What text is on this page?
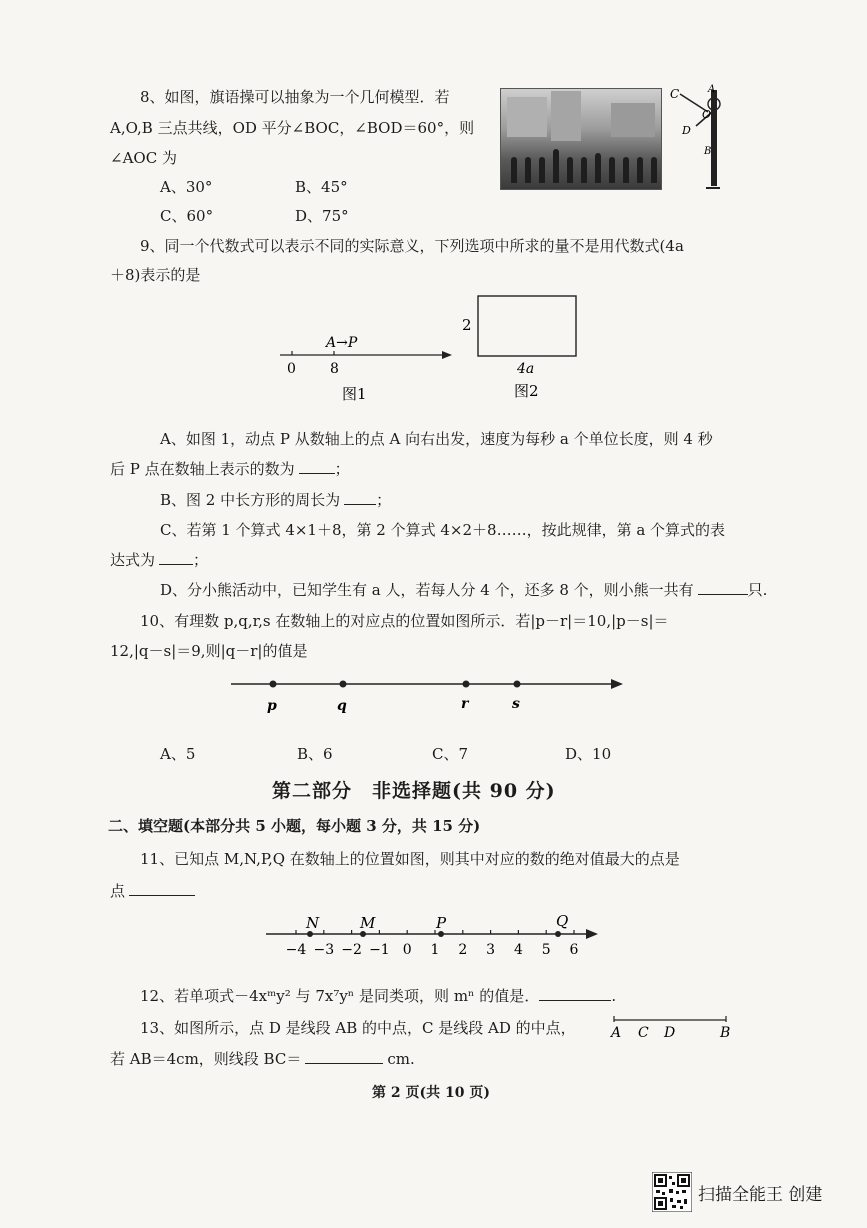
8、如图，旗语操可以抽象为一个几何模型．若
A,O,B 三点共线，OD 平分∠BOC，∠BOD＝60°，则
∠AOC 为
A、30°	B、45°
C、60°	D、75°
C	A
O
D
B
9、同一个代数式可以表示不同的实际意义，下列选项中所求的量不是用代数式(4a
＋8)表示的是
A→P
0 8
图1
2
4a
图2
A、如图 1，动点 P 从数轴上的点 A 向右出发，速度为每秒 a 个单位长度，则 4 秒
后 P 点在数轴上表示的数为	；
B、图 2 中长方形的周长为 ；
C、若第 1 个算式 4×1＋8，第 2 个算式 4×2＋8……，按此规律，第 a 个算式的表
达式为	；
D、分小熊活动中，已知学生有 a 人，若每人分 4 个，还多 8 个，则小熊一共有	只.
10、有理数 p,q,r,s 在数轴上的对应点的位置如图所示．若|p－r|＝10,|p－s|＝
12,|q－s|＝9,则|q－r|的值是
p	q	r	s
A、5	B、6	C、7	D、10
第二部分　非选择题(共 90 分)
二、填空题(本部分共 5 小题，每小题 3 分，共 15 分)
11、已知点 M,N,P,Q 在数轴上的位置如图，则其中对应的数的绝对值最大的点是
点
−4 −3 −2 −1 0 1 2 3 4 5 6
N	M	P	Q
12、若单项式－4xᵐy² 与 7x⁷yⁿ 是同类项，则 mⁿ 的值是．	.
13、如图所示，点 D 是线段 AB 的中点，C 是线段 AD 的中点，	A C D	B
若 AB＝4cm，则线段 BC＝	cm.
第 2 页(共 10 页)
扫描全能王 创建
